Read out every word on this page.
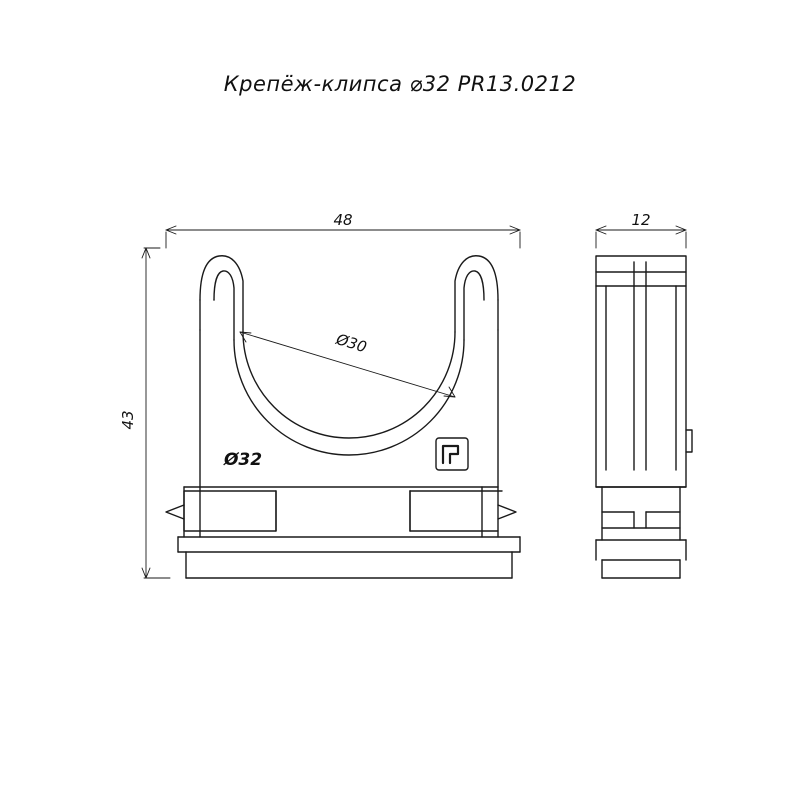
Крепёж-клипса ⌀32 PR13.0212
48	12
43
Ø30
Ø32
